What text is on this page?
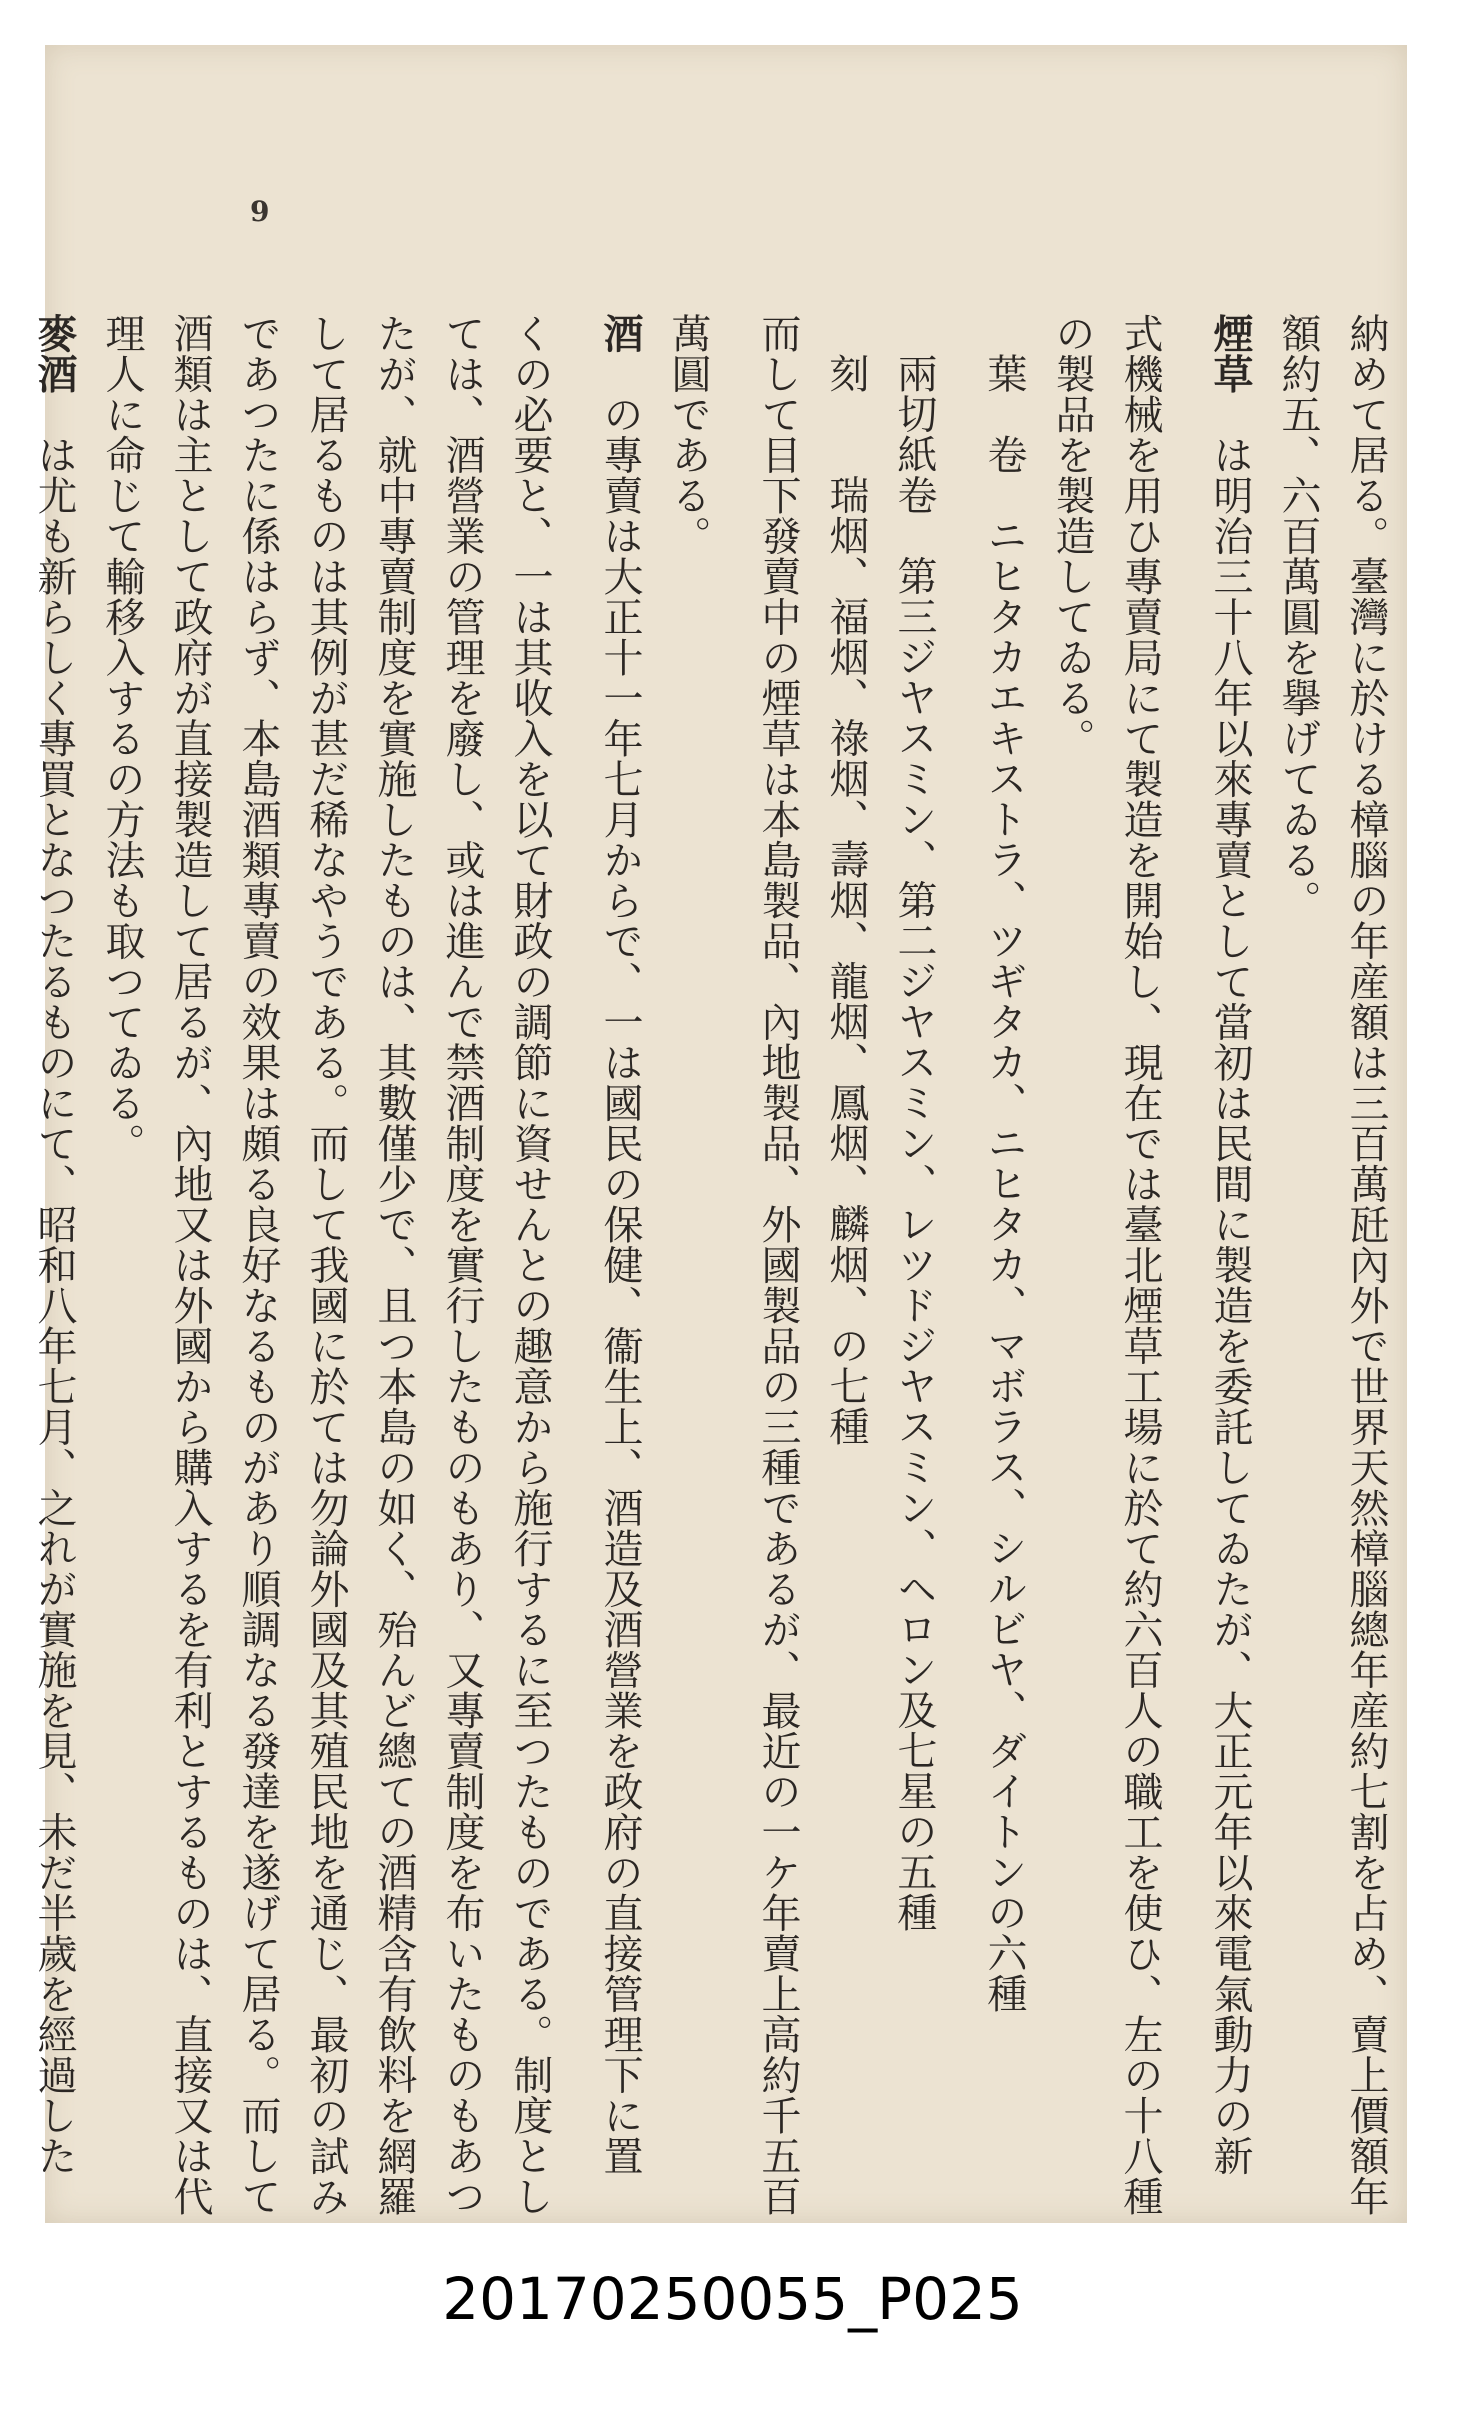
9
納めて居る。臺灣に於ける樟腦の年産額は三百萬瓩內外で世界天然樟腦總年産約七割を占め、賣上價額年
額約五、六百萬圓を擧げてゐる。
煙草　は明治三十八年以來專賣として當初は民間に製造を委託してゐたが、大正元年以來電氣動力の新
式機械を用ひ專賣局にて製造を開始し、現在では臺北煙草工場に於て約六百人の職工を使ひ、左の十八種
の製品を製造してゐる。
葉　卷　ニヒタカエキストラ、ツギタカ、ニヒタカ、マボラス、シルビヤ、ダイトンの六種
兩切紙卷　第三ジヤスミン、第二ジヤスミン、レツドジヤスミン、ヘロン及七星の五種
刻　　瑞烟、福烟、祿烟、壽烟、龍烟、鳳烟、麟烟、の七種
而して目下發賣中の煙草は本島製品、內地製品、外國製品の三種であるが、最近の一ケ年賣上高約千五百
萬圓である。
酒　の專賣は大正十一年七月からで、一は國民の保健、衞生上、酒造及酒營業を政府の直接管理下に置
くの必要と、一は其收入を以て財政の調節に資せんとの趣意から施行するに至つたものである。制度とし
ては、酒營業の管理を廢し、或は進んで禁酒制度を實行したものもあり、又專賣制度を布いたものもあつ
たが、就中專賣制度を實施したものは、其數僅少で、且つ本島の如く、殆んど總ての酒精含有飲料を網羅
して居るものは其例が甚だ稀なやうである。而して我國に於ては勿論外國及其殖民地を通じ、最初の試み
であつたに係はらず、本島酒類專賣の效果は頗る良好なるものがあり順調なる發達を遂げて居る。而して
酒類は主として政府が直接製造して居るが、內地又は外國から購入するを有利とするものは、直接又は代
理人に命じて輸移入するの方法も取つてゐる。
麥酒　は尤も新らしく專買となつたるものにて、昭和八年七月、之れが實施を見、未だ半歲を經過した
20170250055_P025
